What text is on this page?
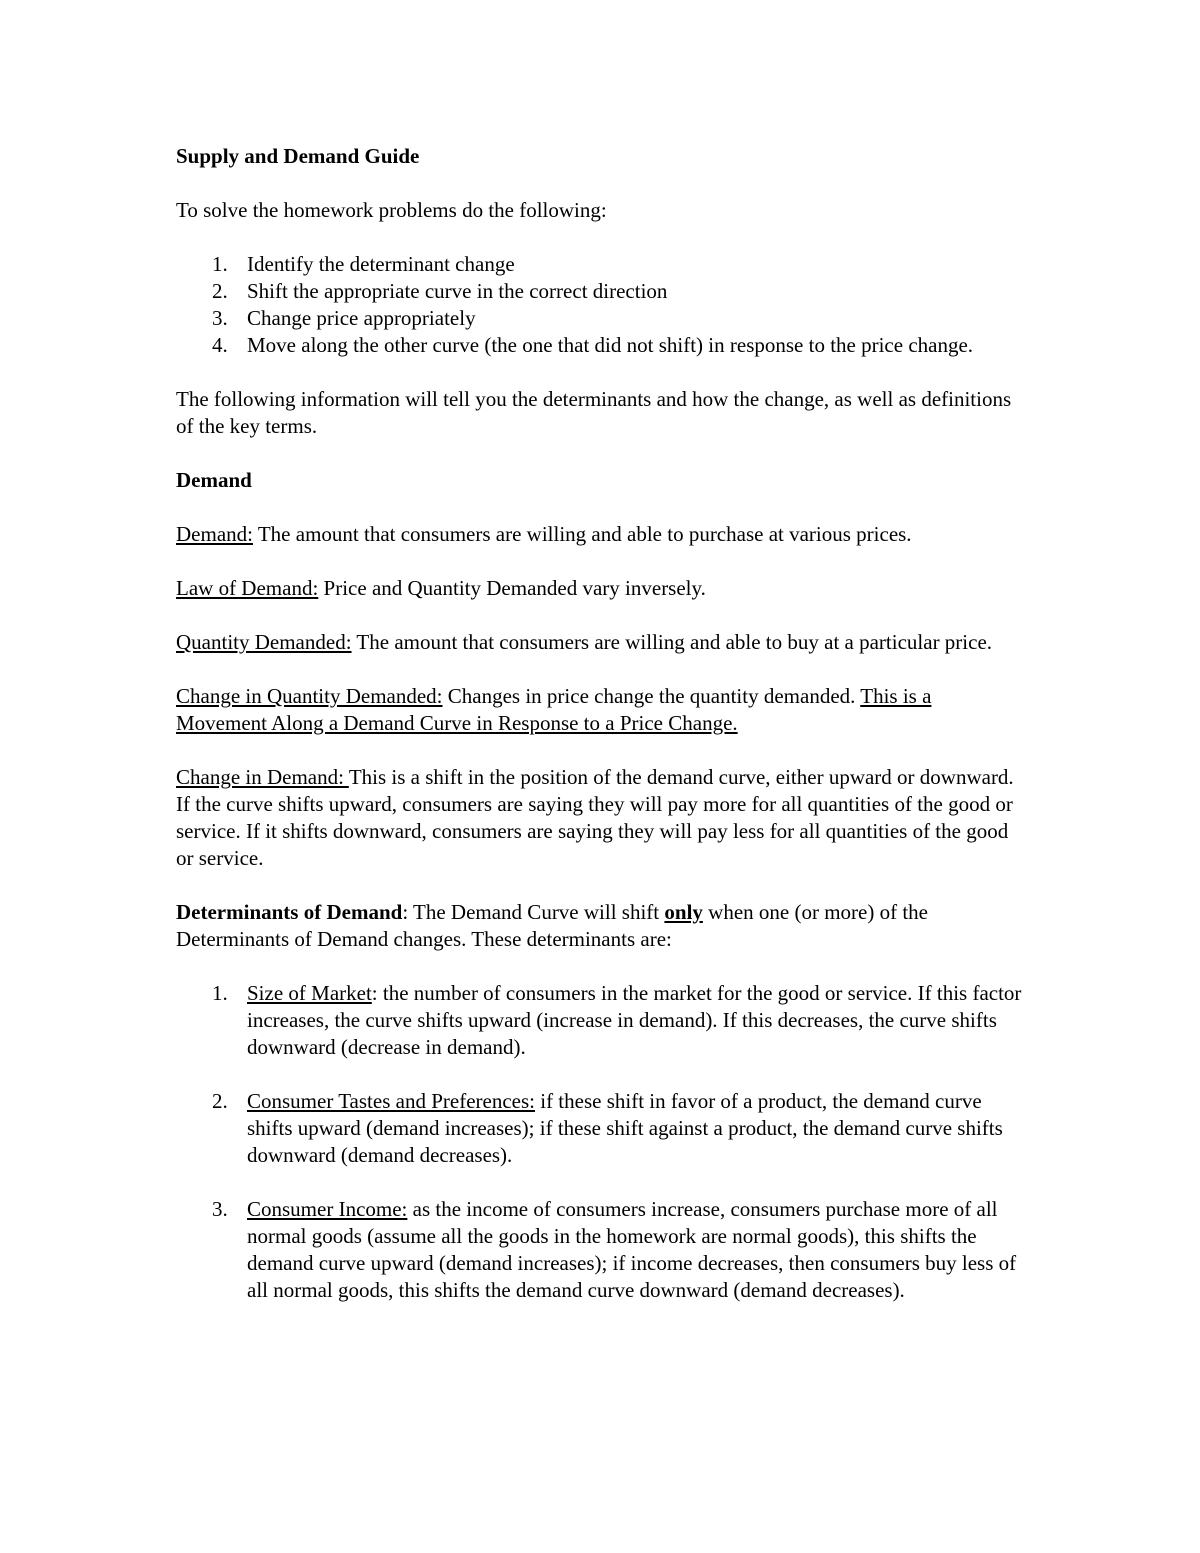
Supply and Demand Guide

To solve the homework problems do the following:

1. Identify the determinant change
2. Shift the appropriate curve in the correct direction
3. Change price appropriately
4. Move along the other curve (the one that did not shift) in response to the price change.

The following information will tell you the determinants and how the change, as well as definitions of the key terms.

Demand

Demand: The amount that consumers are willing and able to purchase at various prices.

Law of Demand: Price and Quantity Demanded vary inversely.

Quantity Demanded: The amount that consumers are willing and able to buy at a particular price.

Change in Quantity Demanded: Changes in price change the quantity demanded. This is a Movement Along a Demand Curve in Response to a Price Change.

Change in Demand: This is a shift in the position of the demand curve, either upward or downward. If the curve shifts upward, consumers are saying they will pay more for all quantities of the good or service. If it shifts downward, consumers are saying they will pay less for all quantities of the good or service.

Determinants of Demand: The Demand Curve will shift only when one (or more) of the Determinants of Demand changes. These determinants are:

1. Size of Market: the number of consumers in the market for the good or service. If this factor increases, the curve shifts upward (increase in demand). If this decreases, the curve shifts downward (decrease in demand).
2. Consumer Tastes and Preferences: if these shift in favor of a product, the demand curve shifts upward (demand increases); if these shift against a product, the demand curve shifts downward (demand decreases).
3. Consumer Income: as the income of consumers increase, consumers purchase more of all normal goods (assume all the goods in the homework are normal goods), this shifts the demand curve upward (demand increases); if income decreases, then consumers buy less of all normal goods, this shifts the demand curve downward (demand decreases).
